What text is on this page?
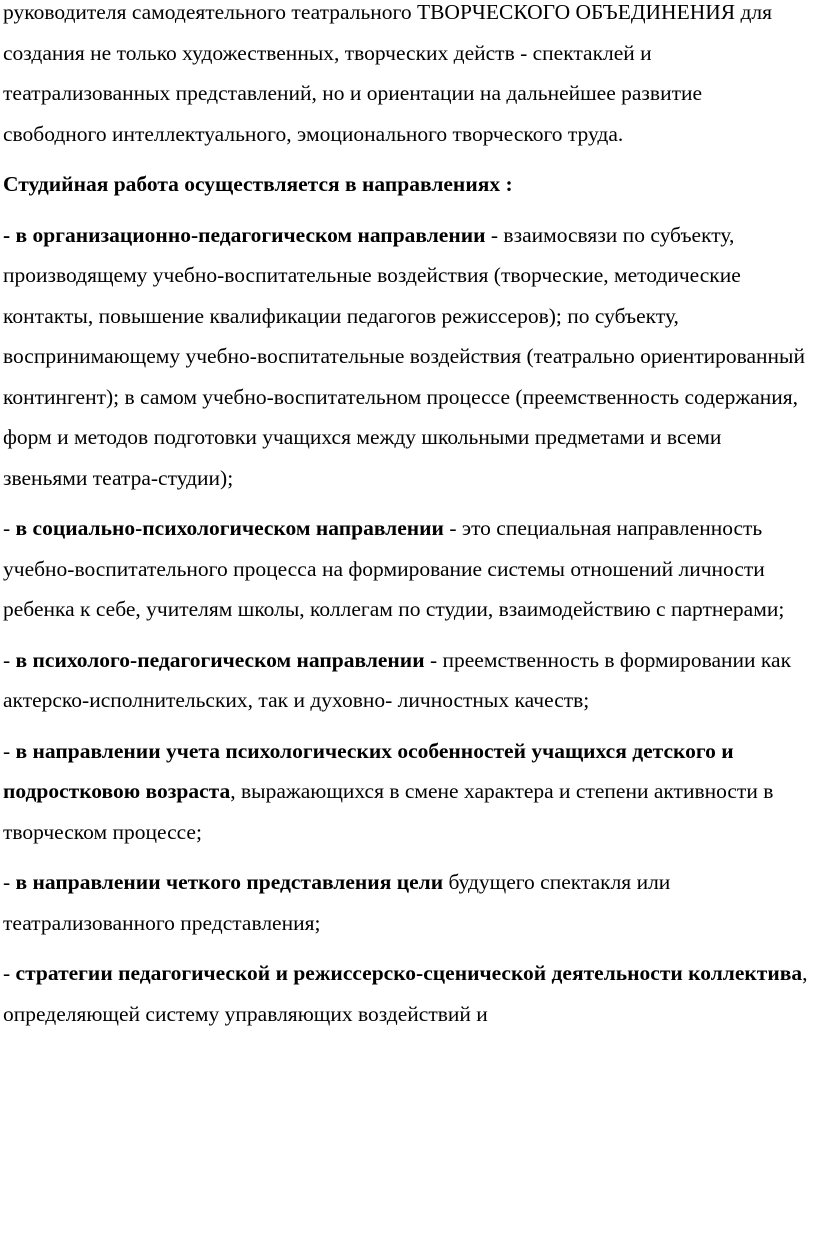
руководителя самодеятельного театрального ТВОРЧЕСКОГО ОБЪЕДИНЕНИЯ для создания не только художественных, творческих действ - спектаклей и театрализованных представлений, но и ориентации на дальнейшее развитие свободного интеллектуального, эмоционального творческого труда.

Студийная работа осуществляется в направлениях :

- в организационно-педагогическом направлении - взаимосвязи по субъекту, производящему учебно-воспитательные воздействия (творческие, методические контакты, повышение квалификации педагогов режиссеров); по субъекту, воспринимающему учебно-воспитательные воздействия (театрально ориентированный контингент); в самом учебно-воспитательном процессе (преемственность содержания, форм и методов подготовки учащихся между школьными предметами и всеми звеньями театра-студии);

- в социально-психологическом направлении - это специальная направленность учебно-воспитательного процесса на формирование системы отношений личности ребенка к себе, учителям школы, коллегам по студии, взаимодействию с партнерами;

- в психолого-педагогическом направлении - преемственность в формировании как актерско-исполнительских, так и духовно- личностных качеств;

- в направлении учета психологических особенностей учащихся детского и подростковою возраста, выражающихся в смене характера и степени активности в творческом процессе;

- в направлении четкого представления цели будущего спектакля или театрализованного представления;

- стратегии педагогической и режиссерско-сценической деятельности коллектива, определяющей систему управляющих воздействий и
